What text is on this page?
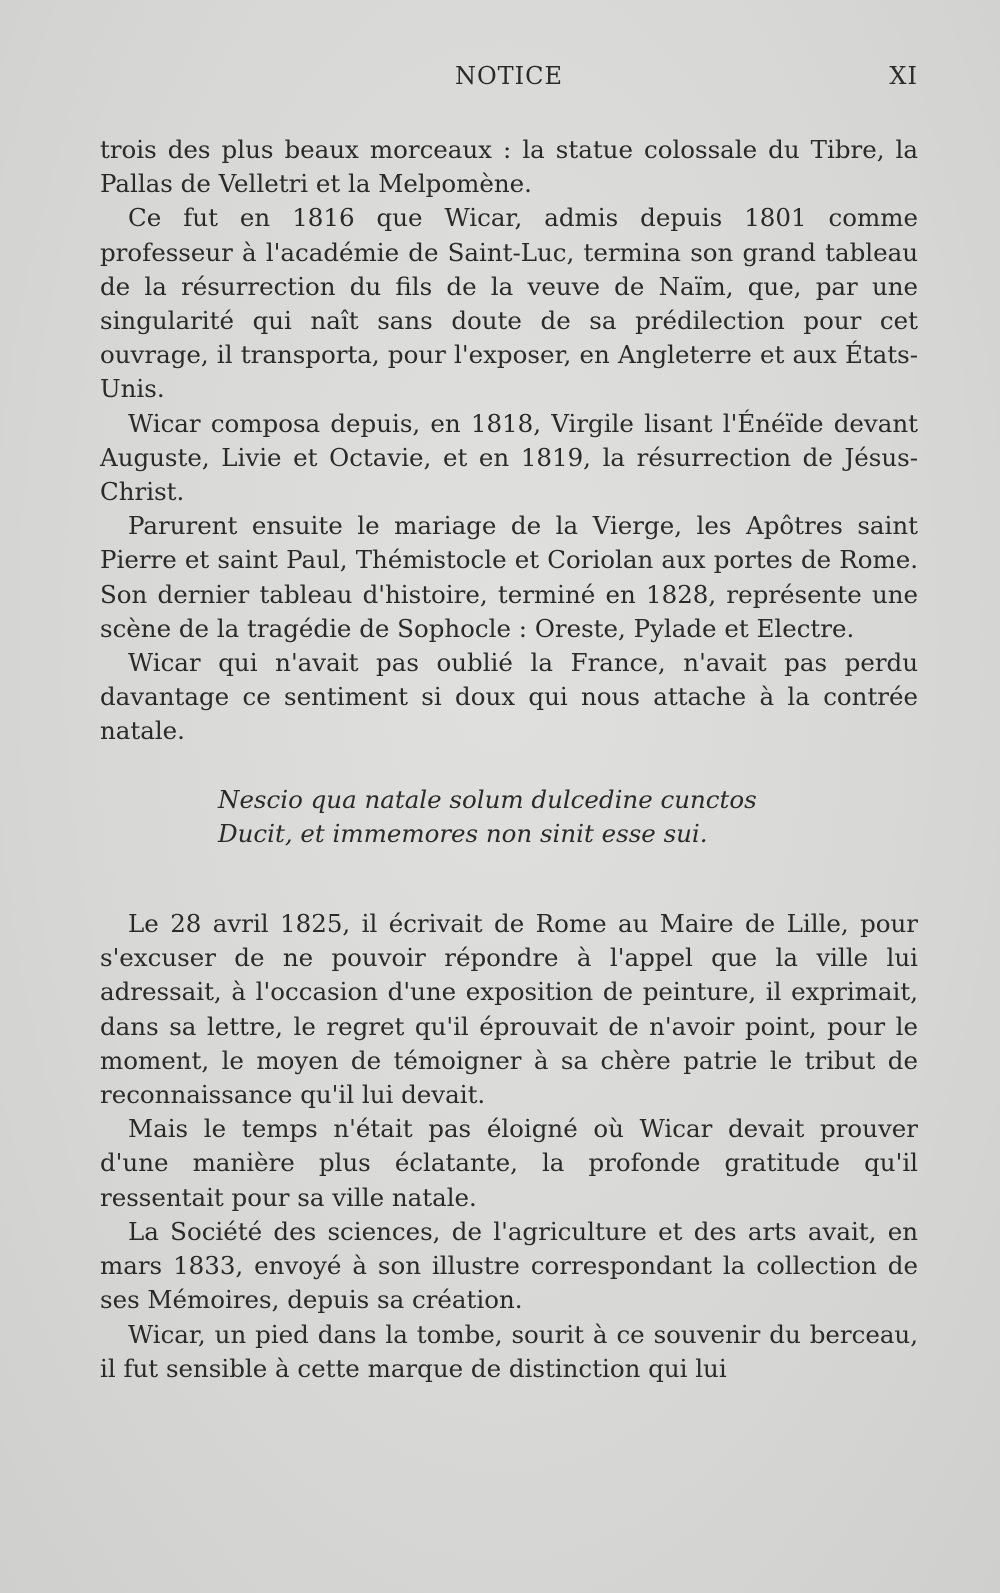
NOTICE	XI

trois des plus beaux morceaux : la statue colossale du Tibre, la Pallas de Velletri et la Melpomène.

Ce fut en 1816 que Wicar, admis depuis 1801 comme professeur à l'académie de Saint-Luc, termina son grand tableau de la résurrection du fils de la veuve de Naïm, que, par une singularité qui naît sans doute de sa prédilection pour cet ouvrage, il transporta, pour l'exposer, en Angleterre et aux États-Unis.

Wicar composa depuis, en 1818, Virgile lisant l'Énéïde devant Auguste, Livie et Octavie, et en 1819, la résurrection de Jésus-Christ.

Parurent ensuite le mariage de la Vierge, les Apôtres saint Pierre et saint Paul, Thémistocle et Coriolan aux portes de Rome. Son dernier tableau d'histoire, terminé en 1828, représente une scène de la tragédie de Sophocle : Oreste, Pylade et Electre.

Wicar qui n'avait pas oublié la France, n'avait pas perdu davantage ce sentiment si doux qui nous attache à la contrée natale.

Nescio qua natale solum dulcedine cunctos
Ducit, et immemores non sinit esse sui.

Le 28 avril 1825, il écrivait de Rome au Maire de Lille, pour s'excuser de ne pouvoir répondre à l'appel que la ville lui adressait, à l'occasion d'une exposition de peinture, il exprimait, dans sa lettre, le regret qu'il éprouvait de n'avoir point, pour le moment, le moyen de témoigner à sa chère patrie le tribut de reconnaissance qu'il lui devait.

Mais le temps n'était pas éloigné où Wicar devait prouver d'une manière plus éclatante, la profonde gratitude qu'il ressentait pour sa ville natale.

La Société des sciences, de l'agriculture et des arts avait, en mars 1833, envoyé à son illustre correspondant la collection de ses Mémoires, depuis sa création.

Wicar, un pied dans la tombe, sourit à ce souvenir du berceau, il fut sensible à cette marque de distinction qui lui
